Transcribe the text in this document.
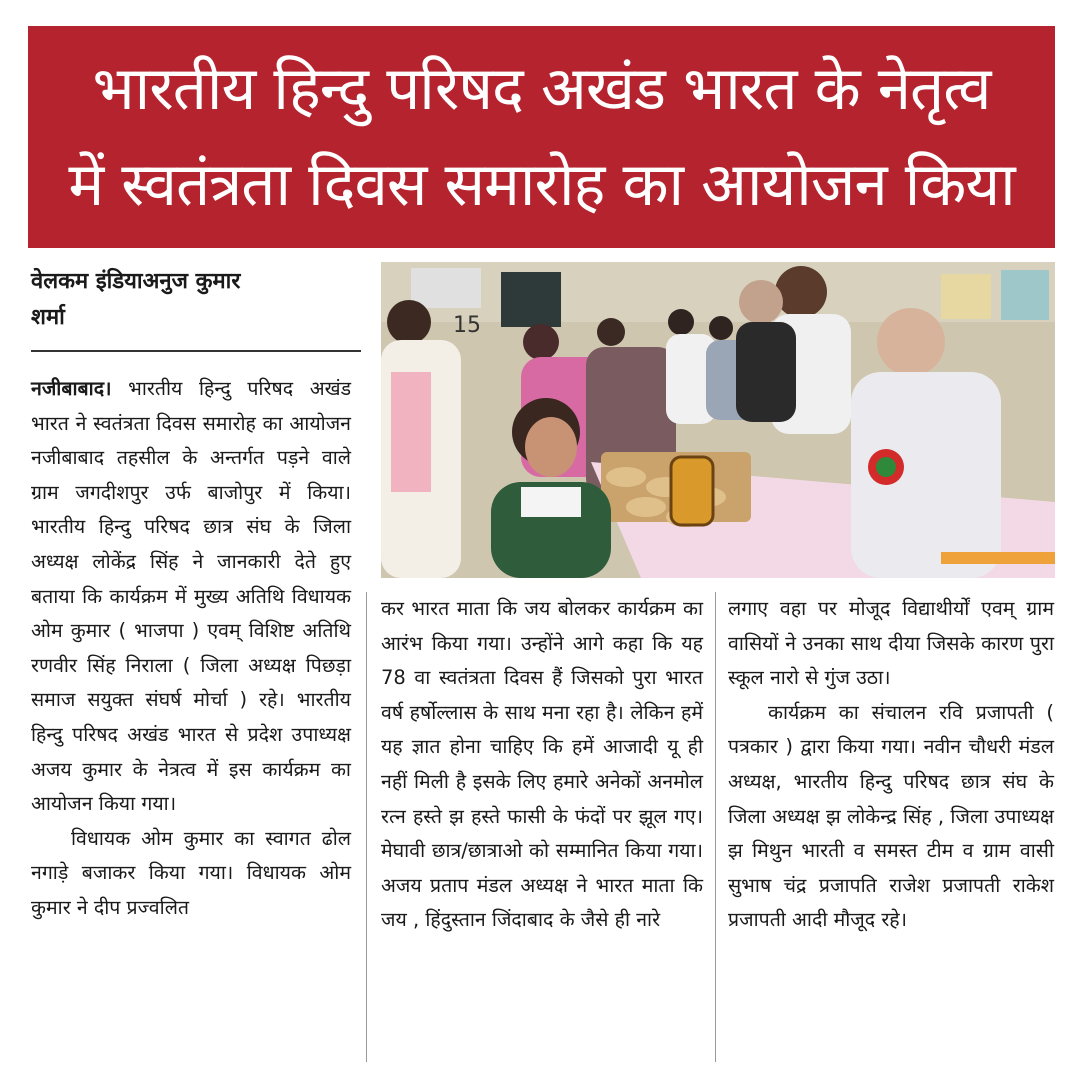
भारतीय हिन्दु परिषद अखंड भारत के नेतृत्व
में स्वतंत्रता दिवस समारोह का आयोजन किया
वेलकम इंडियाअनुज कुमार
शर्मा	15

नजीबाबाद। भारतीय हिन्दु परिषद अखंड भारत ने स्वतंत्रता दिवस समारोह का आयोजन नजीबाबाद तहसील के अन्तर्गत पड़ने वाले ग्राम जगदीशपुर उर्फ बाजोपुर में किया। भारतीय हिन्दु परिषद छात्र संघ के जिला अध्यक्ष लोकेंद्र सिंह ने जानकारी देते हुए बताया कि कार्यक्रम में मुख्य अतिथि विधायक ओम कुमार ( भाजपा ) एवम् विशिष्ट अतिथि रणवीर सिंह निराला ( जिला अध्यक्ष पिछड़ा समाज सयुक्त संघर्ष मोर्चा ) रहे। भारतीय हिन्दु परिषद अखंड भारत से प्रदेश उपाध्यक्ष अजय कुमार के नेत्रत्व में इस कार्यक्रम का आयोजन किया गया।

विधायक ओम कुमार का स्वागत ढोल नगाड़े बजाकर किया गया। विधायक ओम कुमार ने दीप प्रज्वलित

कर भारत माता कि जय बोलकर कार्यक्रम का आरंभ किया गया। उन्होंने आगे कहा कि यह 78 वा स्वतंत्रता दिवस हैं जिसको पुरा भारत वर्ष हर्षोल्लास के साथ मना रहा है। लेकिन हमें यह ज्ञात होना चाहिए कि हमें आजादी यू ही नहीं मिली है इसके लिए हमारे अनेकों अनमोल रत्न हस्ते झ हस्ते फासी के फंदों पर झूल गए। मेघावी छात्र/छात्राओ को सम्मानित किया गया। अजय प्रताप मंडल अध्यक्ष ने भारत माता कि जय , हिंदुस्तान जिंदाबाद के जैसे ही नारे

लगाए वहा पर मोजूद विद्याथीर्यों एवम् ग्राम वासियों ने उनका साथ दीया जिसके कारण पुरा स्कूल नारो से गुंज उठा।

कार्यक्रम का संचालन रवि प्रजापती ( पत्रकार ) द्वारा किया गया। नवीन चौधरी मंडल अध्यक्ष, भारतीय हिन्दु परिषद छात्र संघ के जिला अध्यक्ष झ लोकेन्द्र सिंह , जिला उपाध्यक्ष झ मिथुन भारती व समस्त टीम व ग्राम वासी सुभाष चंद्र प्रजापति राजेश प्रजापती राकेश प्रजापती आदी मौजूद रहे।
